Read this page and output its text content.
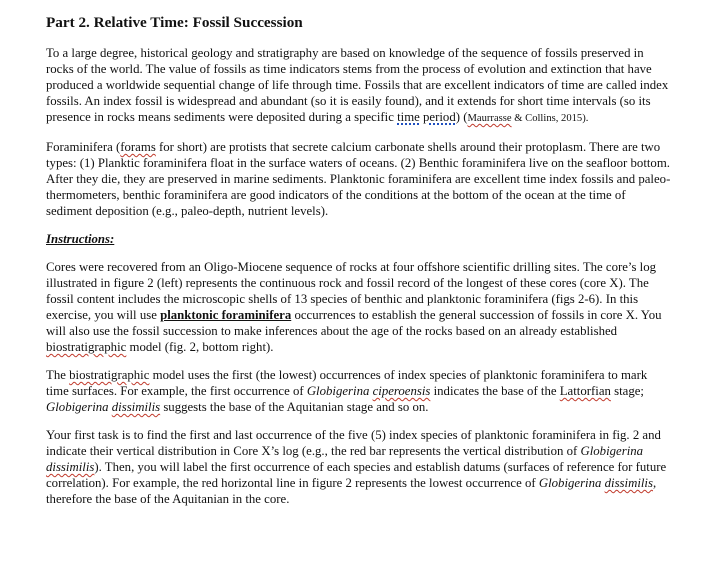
Part 2. Relative Time: Fossil Succession

To a large degree, historical geology and stratigraphy are based on knowledge of the sequence of fossils preserved in rocks of the world. The value of fossils as time indicators stems from the process of evolution and extinction that have produced a worldwide sequential change of life through time. Fossils that are excellent indicators of time are called index fossils. An index fossil is widespread and abundant (so it is easily found), and it extends for short time intervals (so its presence in rocks means sediments were deposited during a specific time period) (Maurrasse & Collins, 2015).

Foraminifera (forams for short) are protists that secrete calcium carbonate shells around their protoplasm. There are two types: (1) Planktic foraminifera float in the surface waters of oceans. (2) Benthic foraminifera live on the seafloor bottom. After they die, they are preserved in marine sediments. Planktonic foraminifera are excellent time index fossils and paleo-thermometers, benthic foraminifera are good indicators of the conditions at the bottom of the ocean at the time of sediment deposition (e.g., paleo-depth, nutrient levels).

Instructions:

Cores were recovered from an Oligo-Miocene sequence of rocks at four offshore scientific drilling sites. The core’s log illustrated in figure 2 (left) represents the continuous rock and fossil record of the longest of these cores (core X). The fossil content includes the microscopic shells of 13 species of benthic and planktonic foraminifera (figs 2-6). In this exercise, you will use planktonic foraminifera occurrences to establish the general succession of fossils in core X. You will also use the fossil succession to make inferences about the age of the rocks based on an already established biostratigraphic model (fig. 2, bottom right).

The biostratigraphic model uses the first (the lowest) occurrences of index species of planktonic foraminifera to mark time surfaces. For example, the first occurrence of Globigerina ciperoensis indicates the base of the Lattorfian stage; Globigerina dissimilis suggests the base of the Aquitanian stage and so on.

Your first task is to find the first and last occurrence of the five (5) index species of planktonic foraminifera in fig. 2 and indicate their vertical distribution in Core X’s log (e.g., the red bar represents the vertical distribution of Globigerina dissimilis). Then, you will label the first occurrence of each species and establish datums (surfaces of reference for future correlation). For example, the red horizontal line in figure 2 represents the lowest occurrence of Globigerina dissimilis, therefore the base of the Aquitanian in the core.
